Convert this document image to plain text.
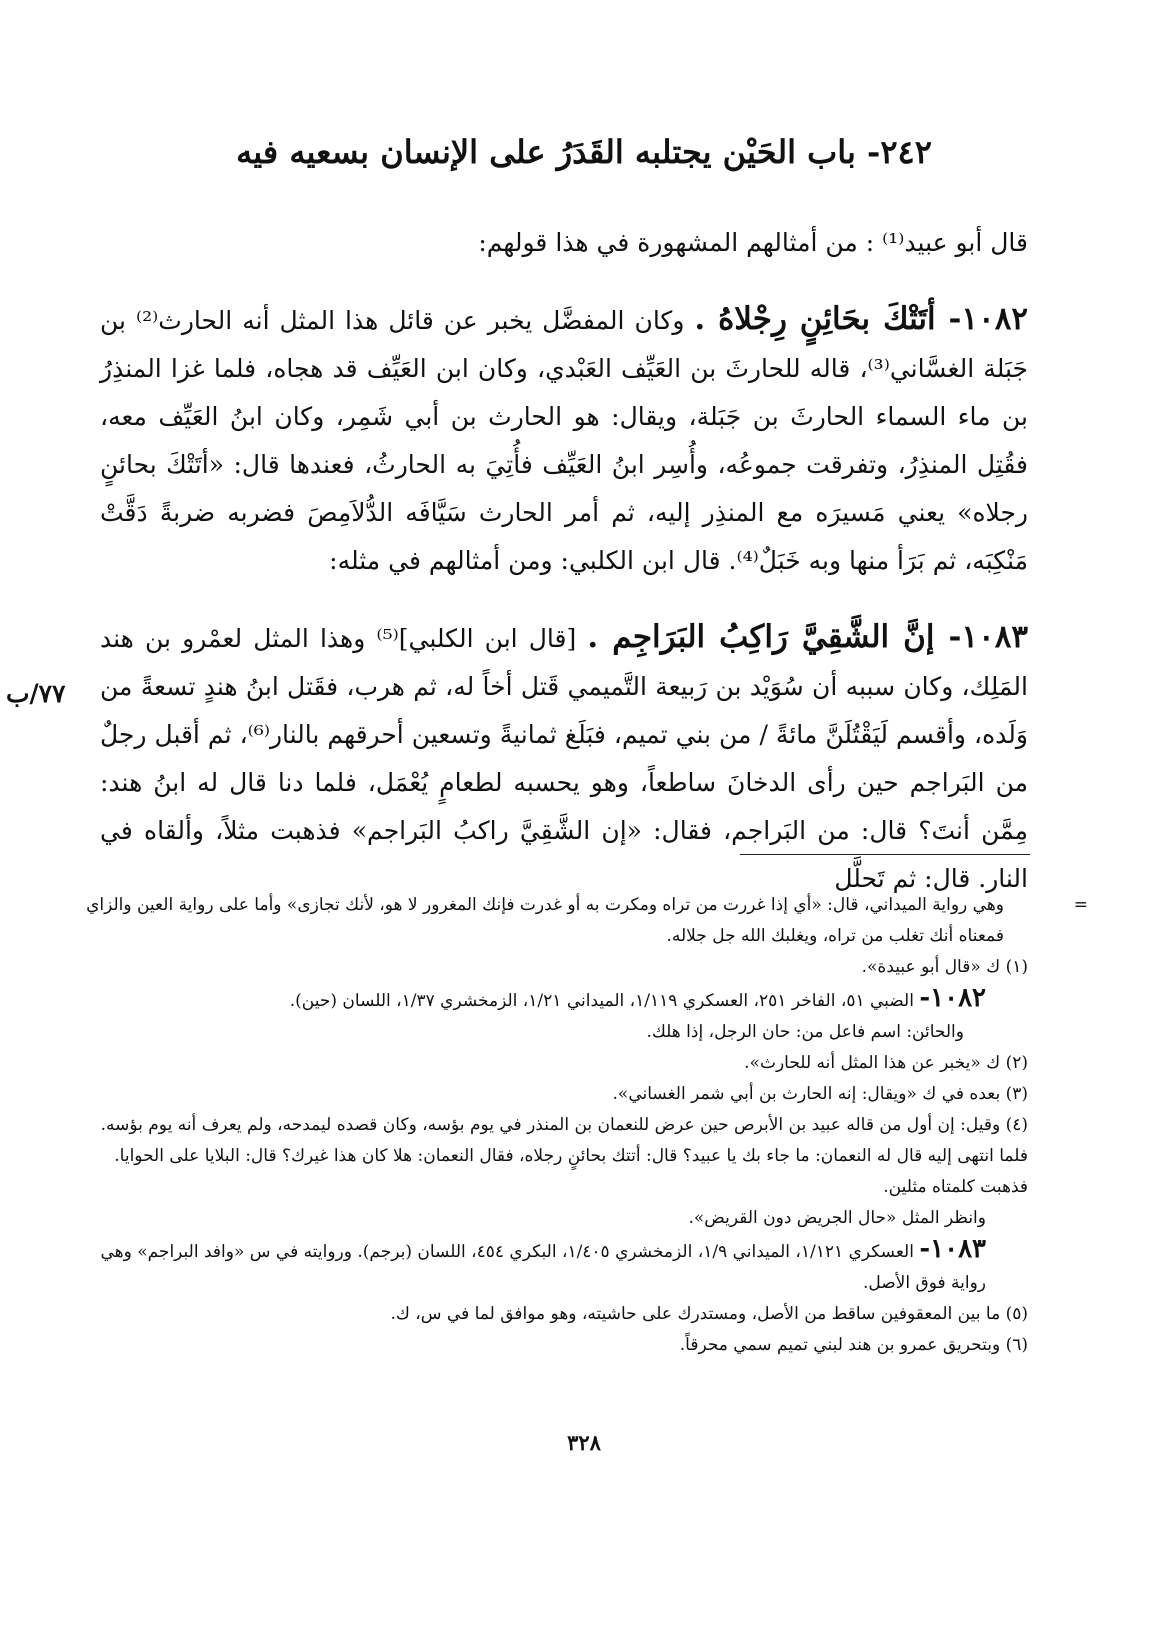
٢٤٢- باب الحَيْن يجتلبه القَدَرُ على الإنسان بسعيه فيه

قال أبو عبيد⁽¹⁾ : من أمثالهم المشهورة في هذا قولهم:

١٠٨٢- أتَتْكَ بحَائِنٍ رِجْلاهُ . وكان المفضَّل يخبر عن قائل هذا المثل أنه الحارث⁽²⁾ بن جَبَلة الغسَّاني⁽³⁾، قاله للحارثَ بن العَيِّف العَبْدي، وكان ابن العَيِّف قد هجاه، فلما غزا المنذِرُ بن ماء السماء الحارثَ بن جَبَلة، ويقال: هو الحارث بن أبي شَمِر، وكان ابنُ العَيِّف معه، فقُتِل المنذِرُ، وتفرقت جموعُه، وأُسِر ابنُ العَيِّف فأُتِيَ به الحارثُ، فعندها قال: «أتَتْكَ بحائنٍ رجلاه» يعني مَسيرَه مع المنذِر إليه، ثم أمر الحارث سَيَّافَه الدُّلاَمِصَ فضربه ضربةً دَقَّتْ مَنْكِبَه، ثم بَرَأ منها وبه خَبَلٌ⁽⁴⁾. قال ابن الكلبي: ومن أمثالهم في مثله:

١٠٨٣- إنَّ الشَّقِيَّ رَاكِبُ البَرَاجِم . [قال ابن الكلبي]⁽⁵⁾ وهذا المثل لعمْرو بن هند المَلِك، وكان سببه أن سُوَيْد بن رَبيعة التَّميمي قَتل أخاً له، ثم هرب، فقَتل ابنُ هندٍ تسعةً من وَلَده، وأقسم لَيَقْتُلَنَّ مائةً / من بني تميم، فبَلَغ ثمانيةً وتسعين أحرقهم بالنار⁽⁶⁾، ثم أقبل رجلٌ من البَراجم حين رأى الدخانَ ساطعاً، وهو يحسبه لطعامٍ يُعْمَل، فلما دنا قال له ابنُ هند: مِمَّن أنتَ؟ قال: من البَراجم، فقال: «إن الشَّقِيَّ راكبُ البَراجم» فذهبت مثلاً، وألقاه في النار. قال: ثم تَحلَّل

٧٧/ب

=
وهي رواية الميداني، قال: «أي إذا غررت من تراه ومكرت به أو غدرت فإنك المغرور لا هو، لأنك تجازى» وأما على رواية العين والزاي فمعناه أنك تغلب من تراه، ويغلبك الله جل جلاله.

(١) ك «قال أبو عبيدة».

١٠٨٢- الضبي ٥١، الفاخر ٢٥١، العسكري ١/١١٩، الميداني ١/٢١، الزمخشري ١/٣٧، اللسان (حين).

والحائن: اسم فاعل من: حان الرجل، إذا هلك.

(٢) ك «يخبر عن هذا المثل أنه للحارث».

(٣) بعده في ك «ويقال: إنه الحارث بن أبي شمر الغساني».

(٤) وقيل: إن أول من قاله عبيد بن الأبرص حين عرض للنعمان بن المنذر في يوم بؤسه، وكان قصده ليمدحه، ولم يعرف أنه يوم بؤسه. فلما انتهى إليه قال له النعمان: ما جاء بك يا عبيد؟ قال: أتتك بحائنٍ رجلاه، فقال النعمان: هلا كان هذا غيرك؟ قال: البلايا على الحوايا. فذهبت كلمتاه مثلين.

وانظر المثل «حال الجريض دون القريض».

١٠٨٣- العسكري ١/١٢١، الميداني ١/٩، الزمخشري ١/٤٠٥، البكري ٤٥٤، اللسان (برجم). وروايته في س «وافد البراجم» وهي رواية فوق الأصل.

(٥) ما بين المعقوفين ساقط من الأصل، ومستدرك على حاشيته، وهو موافق لما في س، ك.

(٦) وبتحريق عمرو بن هند لبني تميم سمي محرقاً.

٣٢٨
